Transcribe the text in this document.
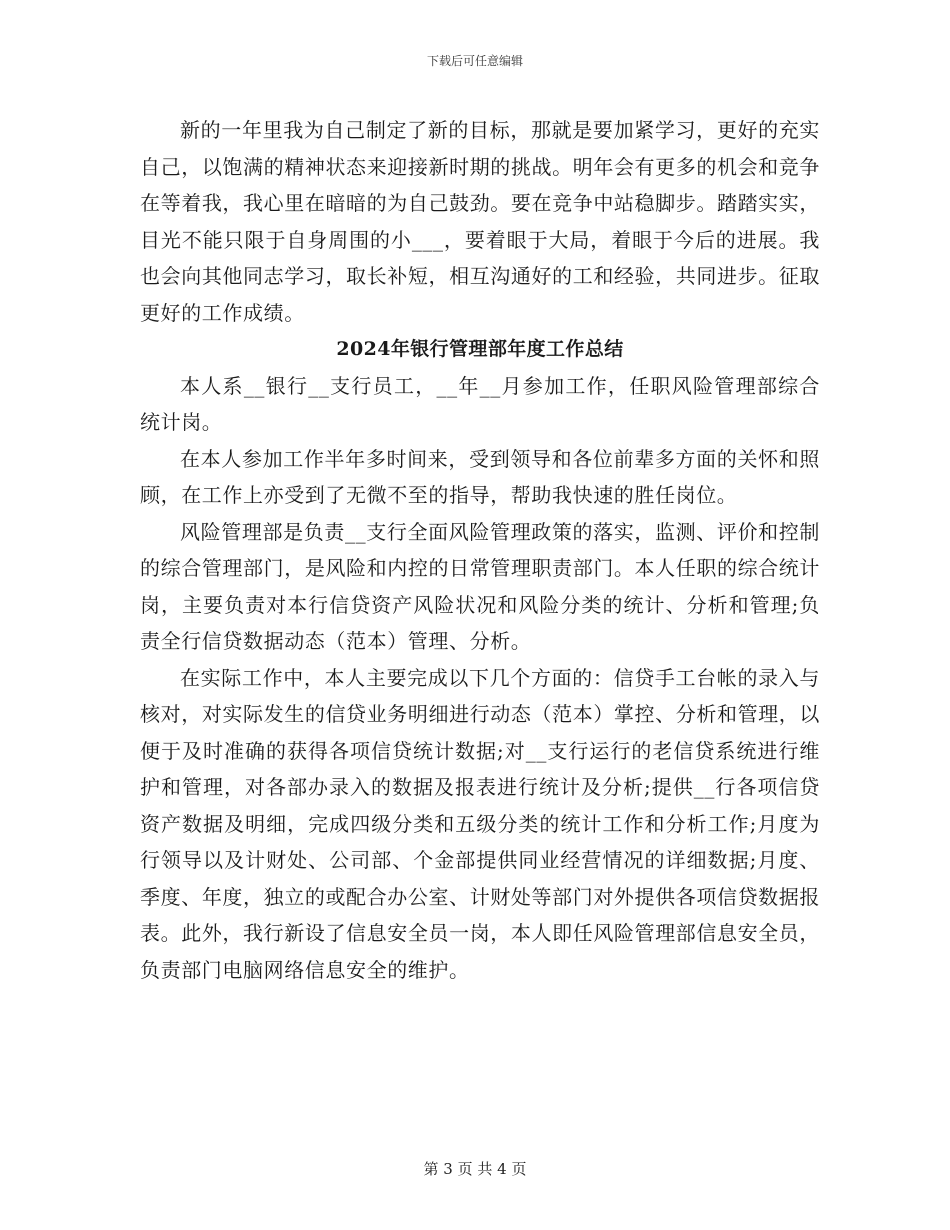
下载后可任意编辑

新的一年里我为自己制定了新的目标，那就是要加紧学习，更好的充实自己，以饱满的精神状态来迎接新时期的挑战。明年会有更多的机会和竞争在等着我，我心里在暗暗的为自己鼓劲。要在竞争中站稳脚步。踏踏实实，目光不能只限于自身周围的小___，要着眼于大局，着眼于今后的进展。我也会向其他同志学习，取长补短，相互沟通好的工和经验，共同进步。征取更好的工作成绩。

2024年银行管理部年度工作总结

本人系__银行__支行员工，__年__月参加工作，任职风险管理部综合统计岗。

在本人参加工作半年多时间来，受到领导和各位前辈多方面的关怀和照顾，在工作上亦受到了无微不至的指导，帮助我快速的胜任岗位。

风险管理部是负责__支行全面风险管理政策的落实，监测、评价和控制的综合管理部门，是风险和内控的日常管理职责部门。本人任职的综合统计岗，主要负责对本行信贷资产风险状况和风险分类的统计、分析和管理;负责全行信贷数据动态（范本）管理、分析。

在实际工作中，本人主要完成以下几个方面的：信贷手工台帐的录入与核对，对实际发生的信贷业务明细进行动态（范本）掌控、分析和管理，以便于及时准确的获得各项信贷统计数据;对__支行运行的老信贷系统进行维护和管理，对各部办录入的数据及报表进行统计及分析;提供__行各项信贷资产数据及明细，完成四级分类和五级分类的统计工作和分析工作;月度为行领导以及计财处、公司部、个金部提供同业经营情况的详细数据;月度、季度、年度，独立的或配合办公室、计财处等部门对外提供各项信贷数据报表。此外，我行新设了信息安全员一岗，本人即任风险管理部信息安全员，负责部门电脑网络信息安全的维护。

第 3 页 共 4 页
